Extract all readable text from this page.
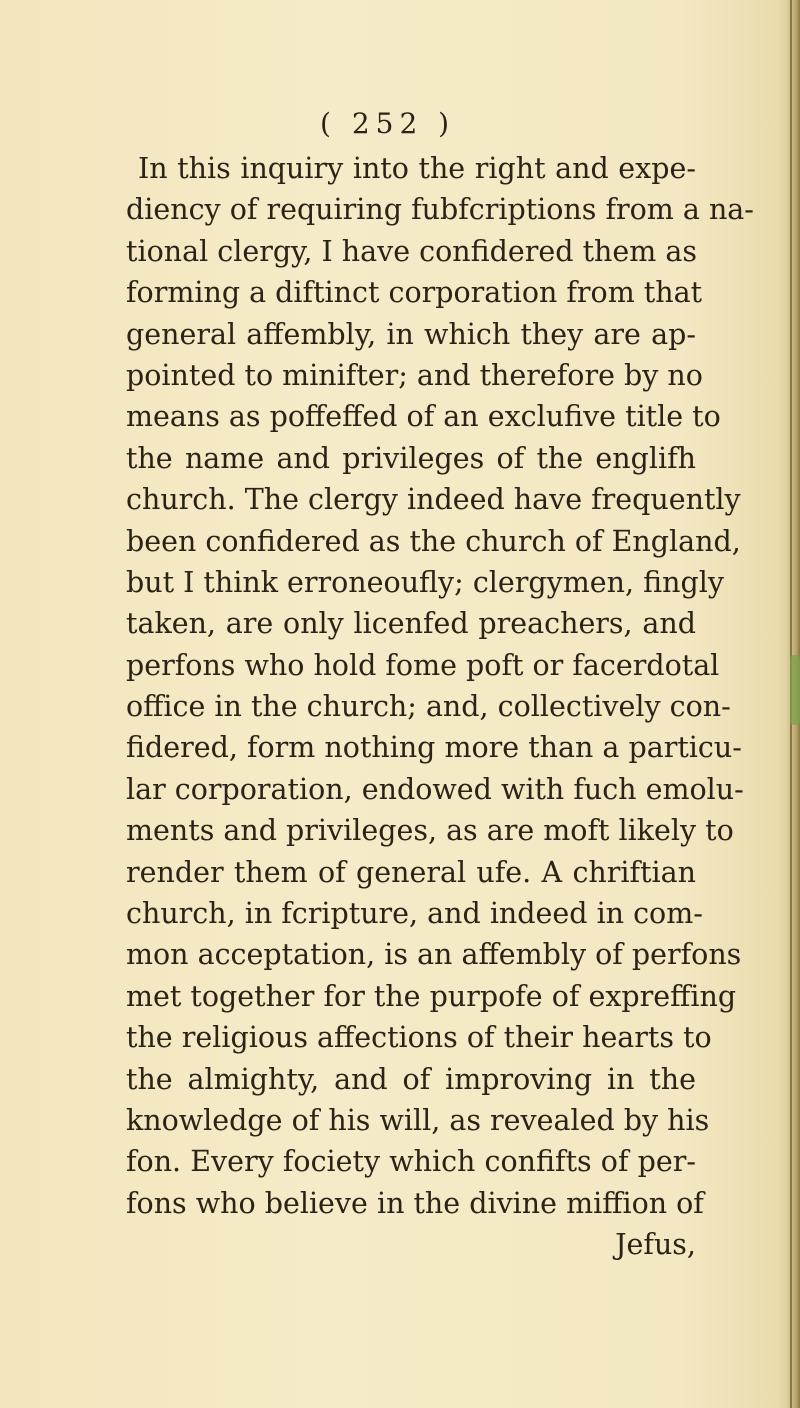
( 252 )
In this inquiry into the right and expe-
diency of requiring fubfcriptions from a na-
tional clergy, I have confidered them as
forming a diftinct corporation from that
general affembly, in which they are ap-
pointed to minifter; and therefore by no
means as poffeffed of an exclufive title to
the name and privileges of the englifh
church. The clergy indeed have frequently
been confidered as the church of England,
but I think erroneoufly; clergymen, fingly
taken, are only licenfed preachers, and
perfons who hold fome poft or facerdotal
office in the church; and, collectively con-
fidered, form nothing more than a particu-
lar corporation, endowed with fuch emolu-
ments and privileges, as are moft likely to
render them of general ufe. A chriftian
church, in fcripture, and indeed in com-
mon acceptation, is an affembly of perfons
met together for the purpofe of expreffing
the religious affections of their hearts to
the almighty, and of improving in the
knowledge of his will, as revealed by his
fon. Every fociety which confifts of per-
fons who believe in the divine miffion of
Jefus,
